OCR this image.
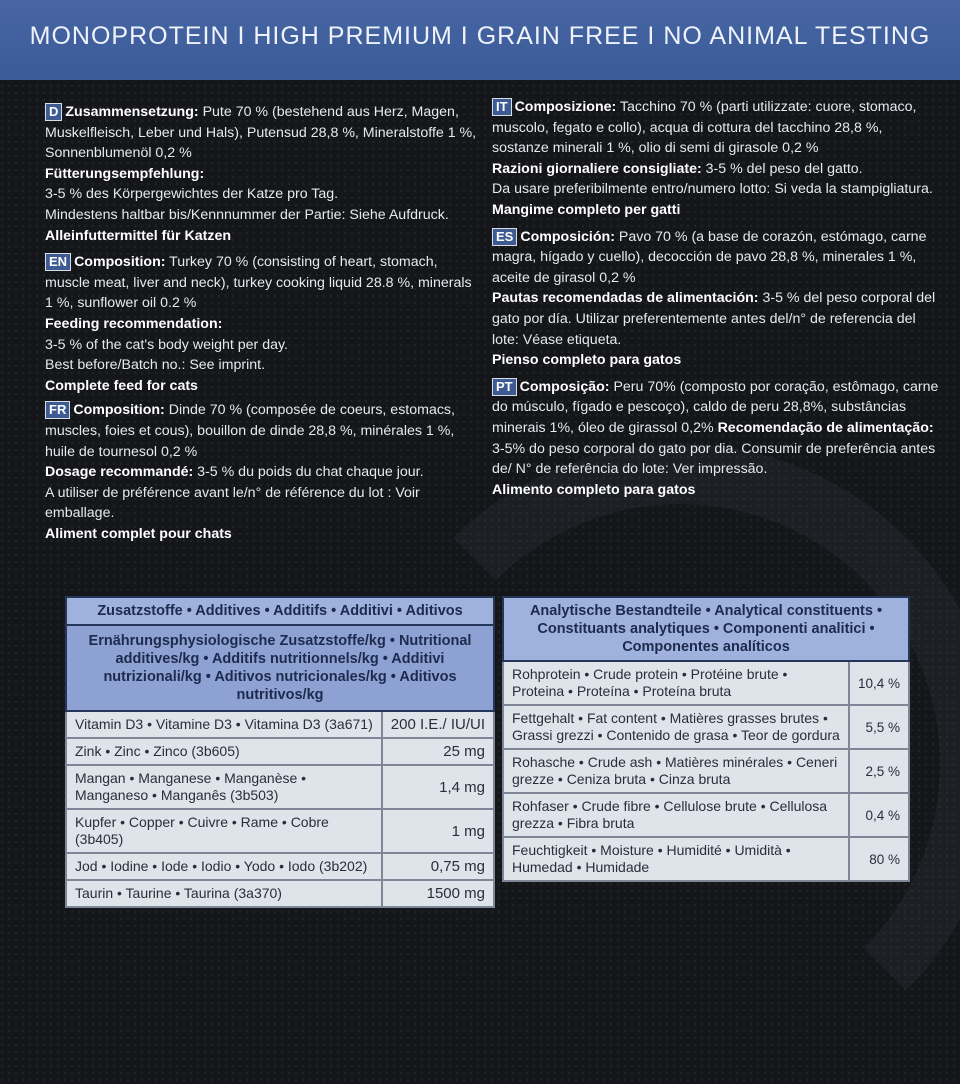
MONOPROTEIN I HIGH PREMIUM I GRAIN FREE I NO ANIMAL TESTING

D Zusammensetzung: Pute 70 % (bestehend aus Herz, Magen, Muskelfleisch, Leber und Hals), Putensud 28,8 %, Mineralstoffe 1 %, Sonnenblumenöl 0,2 %

Fütterungsempfehlung:

3-5 % des Körpergewichtes der Katze pro Tag.

Mindestens haltbar bis/Kennnummer der Partie: Siehe Aufdruck.

Alleinfuttermittel für Katzen

EN Composition: Turkey 70 % (consisting of heart, stomach, muscle meat, liver and neck), turkey cooking liquid 28.8 %, minerals 1 %, sunflower oil 0.2 %

Feeding recommendation:

3-5 % of the cat's body weight per day.

Best before/Batch no.: See imprint.

Complete feed for cats

FR Composition: Dinde 70 % (composée de coeurs, estomacs, muscles, foies et cous), bouillon de dinde 28,8 %, minérales 1 %, huile de tournesol 0,2 %

Dosage recommandé: 3-5 % du poids du chat chaque jour.

A utiliser de préférence avant le/n° de référence du lot : Voir emballage.

Aliment complet pour chats

IT Composizione: Tacchino 70 % (parti utilizzate: cuore, stomaco, muscolo, fegato e collo), acqua di cottura del tacchino 28,8 %, sostanze minerali 1 %, olio di semi di girasole 0,2 %

Razioni giornaliere consigliate: 3-5 % del peso del gatto.

Da usare preferibilmente entro/numero lotto: Si veda la stampigliatura.

Mangime completo per gatti

ES Composición: Pavo 70 % (a base de corazón, estómago, carne magra, hígado y cuello), decocción de pavo 28,8 %, minerales 1 %, aceite de girasol 0,2 %

Pautas recomendadas de alimentación: 3-5 % del peso corporal del gato por día. Utilizar preferentemente antes del/n° de referencia del lote: Véase etiqueta.

Pienso completo para gatos

PT Composição: Peru 70% (composto por coração, estômago, carne do músculo, fígado e pescoço), caldo de peru 28,8%, substâncias minerais 1%, óleo de girassol 0,2% Recomendação de alimentação: 3-5% do peso corporal do gato por dia. Consumir de preferência antes de/ N° de referência do lote: Ver impressão.

Alimento completo para gatos

Zusatzstoffe • Additives • Additifs • Additivi • Aditivos	
Ernährungsphysiologische Zusatzstoffe/kg • Nutritional additives/kg • Additifs nutritionnels/kg • Additivi nutrizionali/kg • Aditivos nutricionales/kg • Aditivos nutritivos/kg	
Vitamin D3 • Vitamine D3 • Vitamina D3 (3a671)	200 I.E./ IU/UI
Zink • Zinc • Zinco (3b605)	25 mg
Mangan • Manganese • Manganèse • Manganeso • Manganês (3b503)	1,4 mg
Kupfer • Copper • Cuivre • Rame • Cobre (3b405)	1 mg
Jod • Iodine • Iode • Iodio • Yodo • Iodo (3b202)	0,75 mg
Taurin • Taurine • Taurina (3a370)	1500 mg
Analytische Bestandteile • Analytical constituents • Constituants analytiques • Componenti analitici • Componentes analíticos	
Rohprotein • Crude protein • Protéine brute • Proteina • Proteína • Proteína bruta	10,4 %
Fettgehalt • Fat content • Matières grasses brutes • Grassi grezzi • Contenido de grasa • Teor de gordura	5,5 %
Rohasche • Crude ash • Matières minérales • Ceneri grezze • Ceniza bruta • Cinza bruta	2,5 %
Rohfaser • Crude fibre • Cellulose brute • Cellulosa grezza • Fibra bruta	0,4 %
Feuchtigkeit • Moisture • Humidité • Umidità • Humedad • Humidade	80 %
